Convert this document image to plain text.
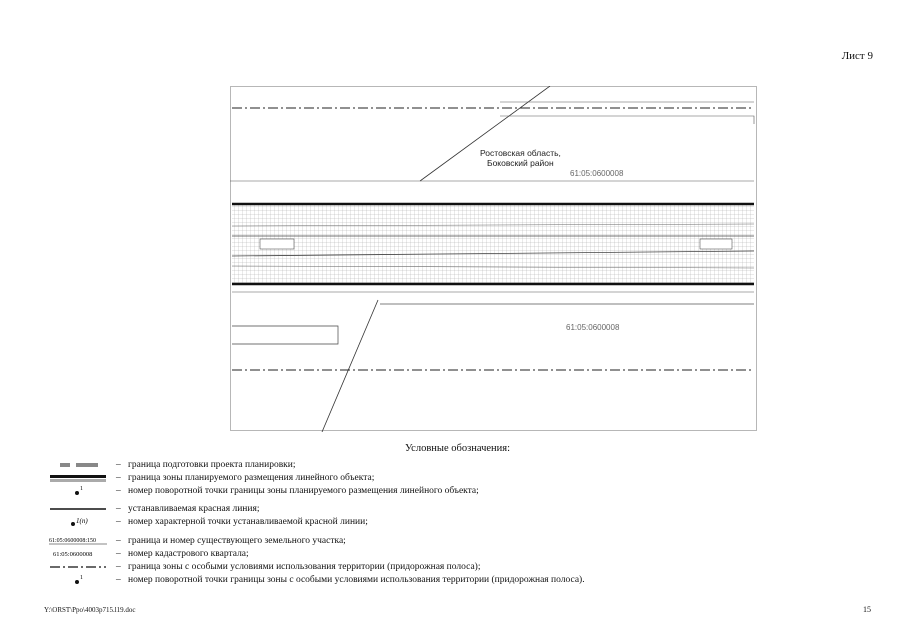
Лист 9
Ростовская область,
Боковский район
61:05:0600008
61:05:0600008
Условные обозначения:
– граница подготовки проекта планировки;
– граница зоны планируемого размещения линейного объекта;
1	– номер поворотной точки границы зоны планируемого размещения линейного объекта;
– устанавливаемая красная линия;
1(n)	– номер характерной точки устанавливаемой красной линии;
61:05:0600008:150 – граница и номер существующего земельного участка;
61:05:0600008 – номер кадастрового квартала;
– граница зоны с особыми условиями использования территории (придорожная полоса);
1	– номер поворотной точки границы зоны с особыми условиями использования территории (придорожная полоса).
Y:\ORST\Ppo\4003p715.l19.doc	15
